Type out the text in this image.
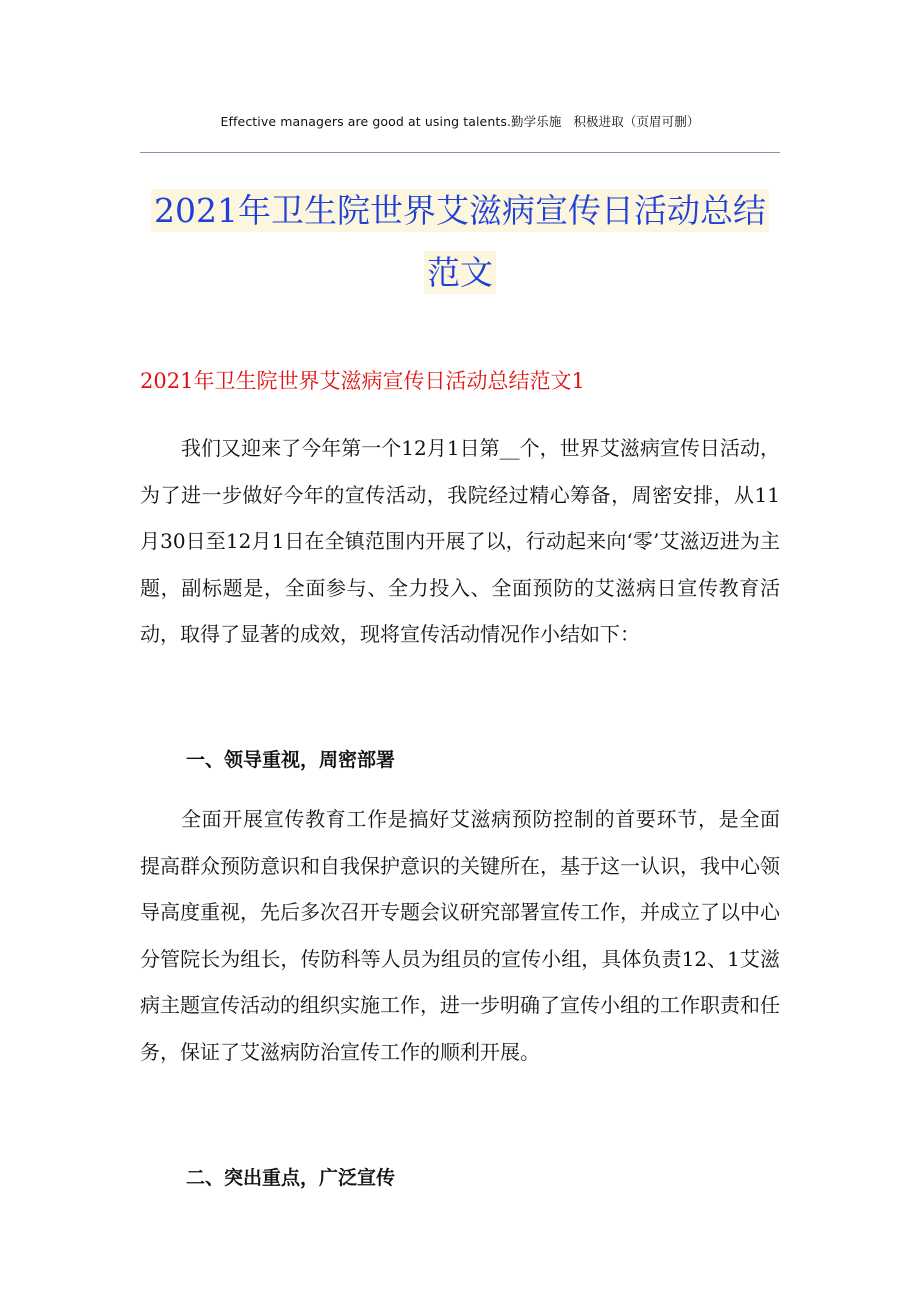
Effective managers are good at using talents.勤学乐施 积极进取（页眉可删）
2021年卫生院世界艾滋病宣传日活动总结
范文
2021年卫生院世界艾滋病宣传日活动总结范文1
我们又迎来了今年第一个12月1日第__个，世界艾滋病宣传日活动，为了进一步做好今年的宣传活动，我院经过精心筹备，周密安排，从11月30日至12月1日在全镇范围内开展了以，行动起来向‘零’艾滋迈进为主题，副标题是，全面参与、全力投入、全面预防的艾滋病日宣传教育活动，取得了显著的成效，现将宣传活动情况作小结如下：
一、领导重视，周密部署
全面开展宣传教育工作是搞好艾滋病预防控制的首要环节，是全面提高群众预防意识和自我保护意识的关键所在，基于这一认识，我中心领导高度重视，先后多次召开专题会议研究部署宣传工作，并成立了以中心分管院长为组长，传防科等人员为组员的宣传小组，具体负责12、1艾滋病主题宣传活动的组织实施工作，进一步明确了宣传小组的工作职责和任务，保证了艾滋病防治宣传工作的顺利开展。
二、突出重点，广泛宣传
